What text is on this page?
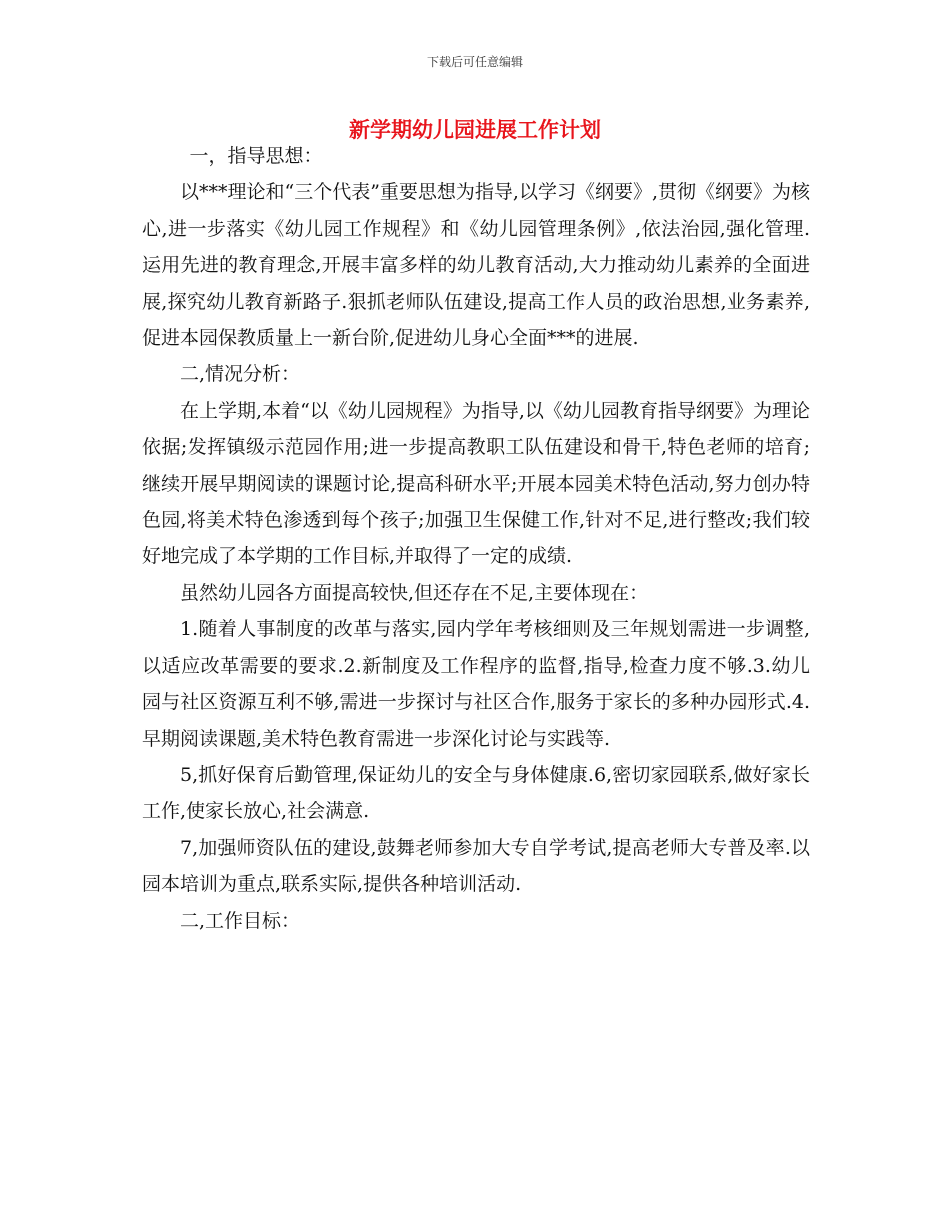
下载后可任意编辑
新学期幼儿园进展工作计划

一，指导思想：

以***理论和“三个代表”重要思想为指导,以学习《纲要》,贯彻《纲要》为核心,进一步落实《幼儿园工作规程》和《幼儿园管理条例》,依法治园,强化管理.运用先进的教育理念,开展丰富多样的幼儿教育活动,大力推动幼儿素养的全面进展,探究幼儿教育新路子.狠抓老师队伍建设,提高工作人员的政治思想,业务素养,促进本园保教质量上一新台阶,促进幼儿身心全面***的进展.

二,情况分析：

在上学期,本着“以《幼儿园规程》为指导,以《幼儿园教育指导纲要》为理论依据;发挥镇级示范园作用;进一步提高教职工队伍建设和骨干,特色老师的培育;继续开展早期阅读的课题讨论,提高科研水平;开展本园美术特色活动,努力创办特色园,将美术特色渗透到每个孩子;加强卫生保健工作,针对不足,进行整改;我们较好地完成了本学期的工作目标,并取得了一定的成绩.

虽然幼儿园各方面提高较快,但还存在不足,主要体现在：

1.随着人事制度的改革与落实,园内学年考核细则及三年规划需进一步调整,以适应改革需要的要求.2.新制度及工作程序的监督,指导,检查力度不够.3.幼儿园与社区资源互利不够,需进一步探讨与社区合作,服务于家长的多种办园形式.4.早期阅读课题,美术特色教育需进一步深化讨论与实践等.

5,抓好保育后勤管理,保证幼儿的安全与身体健康.6,密切家园联系,做好家长工作,使家长放心,社会满意.

7,加强师资队伍的建设,鼓舞老师参加大专自学考试,提高老师大专普及率.以园本培训为重点,联系实际,提供各种培训活动.

二,工作目标：
